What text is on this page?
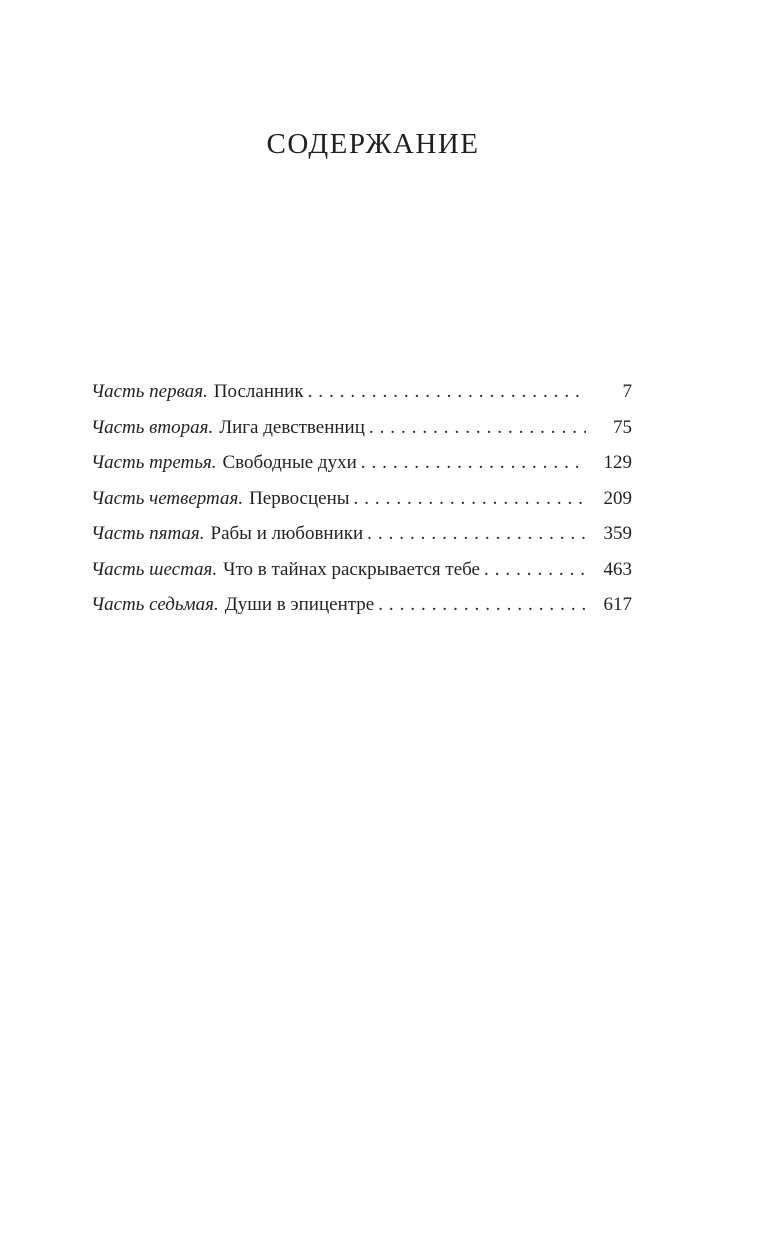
СОДЕРЖАНИЕ
Часть первая. Посланник . . .	7
Часть вторая. Лига девственниц . . .	75
Часть третья. Свободные духи . . .	129
Часть четвертая. Первосцены . . .	209
Часть пятая. Рабы и любовники . . .	359
Часть шестая. Что в тайнах раскрывается тебе . . .	463
Часть седьмая. Души в эпицентре . . .	617
